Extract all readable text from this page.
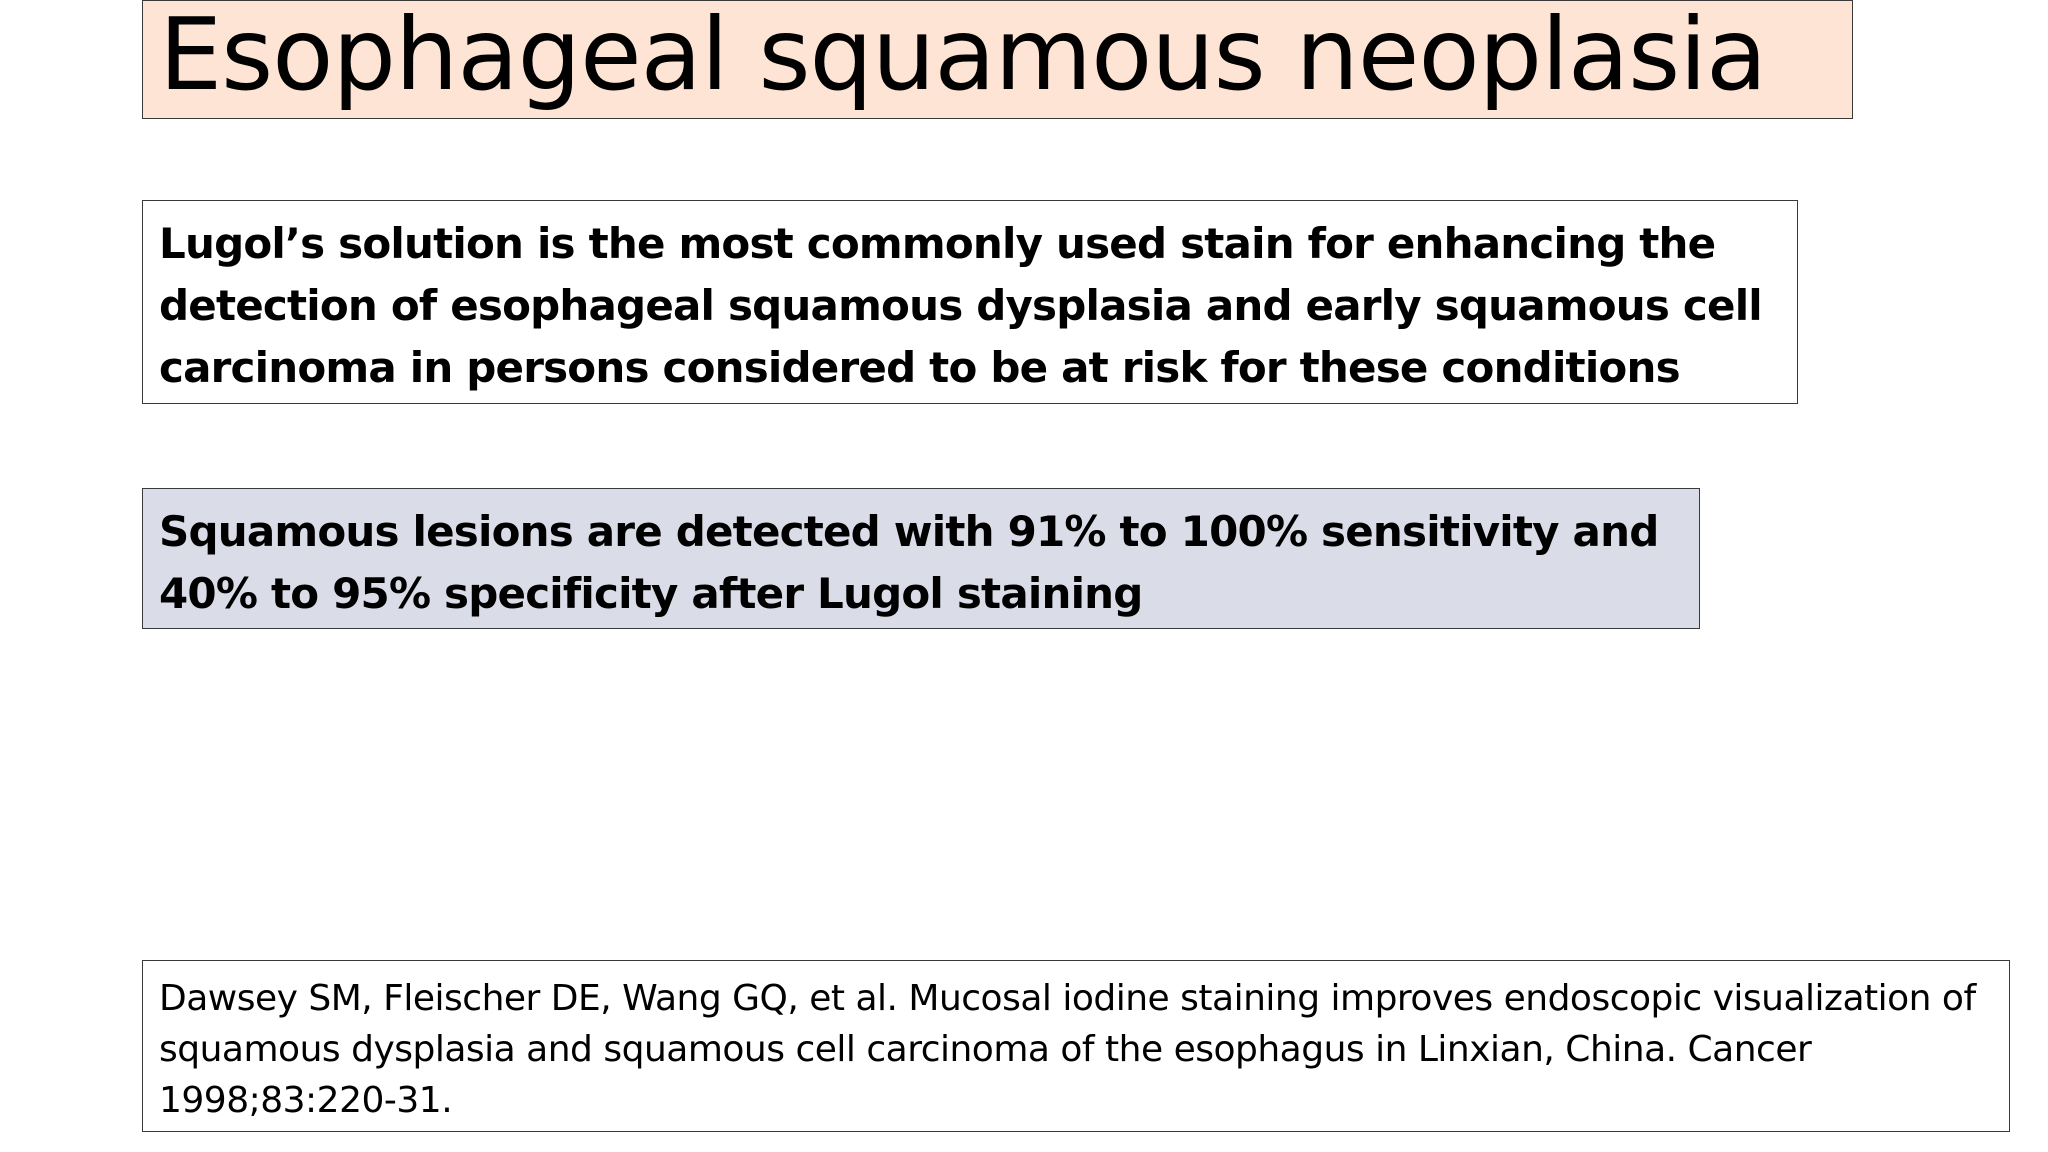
Esophageal squamous neoplasia
Lugol’s solution is the most commonly used stain for enhancing the detection of esophageal squamous dysplasia and early squamous cell carcinoma in persons considered to be at risk for these conditions
Squamous lesions are detected with 91% to 100% sensitivity and 40% to 95% specificity after Lugol staining
Dawsey SM, Fleischer DE, Wang GQ, et al. Mucosal iodine staining improves endoscopic visualization of squamous dysplasia and squamous cell carcinoma of the esophagus in Linxian, China. Cancer 1998;83:220-31.
